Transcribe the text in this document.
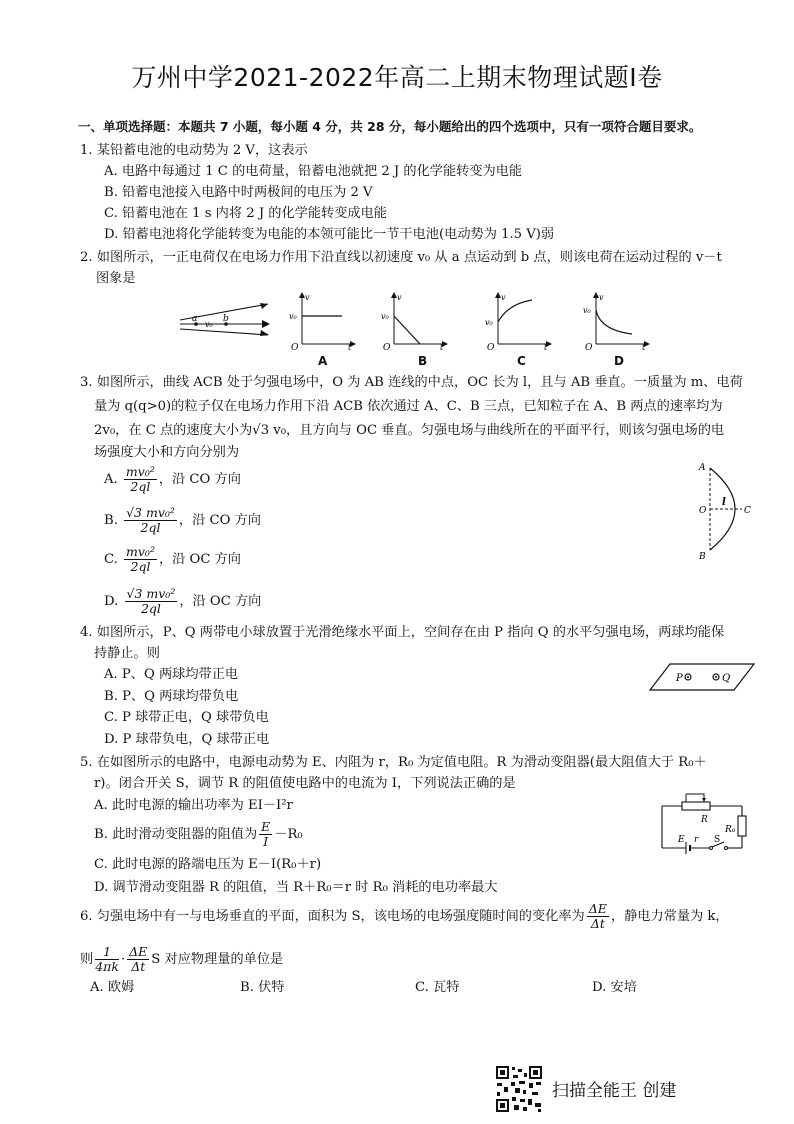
万州中学2021-2022年高二上期末物理试题Ⅰ卷
一、单项选择题：本题共 7 小题，每小题 4 分，共 28 分，每小题给出的四个选项中，只有一项符合题目要求。
1. 某铅蓄电池的电动势为 2 V，这表示
A. 电路中每通过 1 C 的电荷量，铅蓄电池就把 2 J 的化学能转变为电能
B. 铅蓄电池接入电路中时两极间的电压为 2 V
C. 铅蓄电池在 1 s 内将 2 J 的化学能转变成电能
D. 铅蓄电池将化学能转变为电能的本领可能比一节干电池(电动势为 1.5 V)弱
2. 如图所示，一正电荷仅在电场力作用下沿直线以初速度 v₀ 从 a 点运动到 b 点，则该电荷在运动过程的 v－t
图象是
a
v₀
b
v
v₀
O	t
A
v
v₀
O	t
B
v
v₀
O	t
C
v
v₀
O	t
D
3. 如图所示，曲线 ACB 处于匀强电场中，O 为 AB 连线的中点，OC 长为 l，且与 AB 垂直。一质量为 m、电荷
量为 q(q>0)的粒子仅在电场力作用下沿 ACB 依次通过 A、C、B 三点，已知粒子在 A、B 两点的速率均为
2v₀，在 C 点的速度大小为√3 v₀，且方向与 OC 垂直。匀强电场与曲线所在的平面平行，则该匀强电场的电
场强度大小和方向分别为
A. $\frac{\text{mv₀²}}{2ql}$ ，沿 CO 方向
B. $\frac{\text{√3 mv₀²}}{2ql}$ ，沿 CO 方向
C. $\frac{\text{mv₀²}}{2ql}$ ，沿 OC 方向
D. $\frac{\text{√3 mv₀²}}{2ql}$ ，沿 OC 方向
A
O
l
C
B
4. 如图所示，P、Q 两带电小球放置于光滑绝缘水平面上，空间存在由 P 指向 Q 的水平匀强电场，两球均能保
持静止。则
A. P、Q 两球均带正电
B. P、Q 两球均带负电
C. P 球带正电，Q 球带负电
D. P 球带负电，Q 球带正电
P	Q
5. 在如图所示的电路中，电源电动势为 E、内阻为 r，R₀ 为定值电阻。R 为滑动变阻器(最大阻值大于 R₀＋
r)。闭合开关 S，调节 R 的阻值使电路中的电流为 I，下列说法正确的是
A. 此时电源的输出功率为 EI－I²r
B. 此时滑动变阻器的阻值为 $\frac{E}{I} -R_0$
C. 此时电源的路端电压为 E－I(R₀＋r)
D. 调节滑动变阻器 R 的阻值，当 R＋R₀＝r 时 R₀ 消耗的电功率最大
R
R₀
E r S
6. 匀强电场中有一与电场垂直的平面，面积为 S，该电场的电场强度随时间的变化率为 $\frac{\Delta E}{\Delta t}$ ，静电力常量为 k，
则 $\frac{1}{4\pi k} \cdot \frac{\Delta E}{\Delta t}$ S 对应物理量的单位是
A. 欧姆	B. 伏特	C. 瓦特	D. 安培
扫描全能王 创建
